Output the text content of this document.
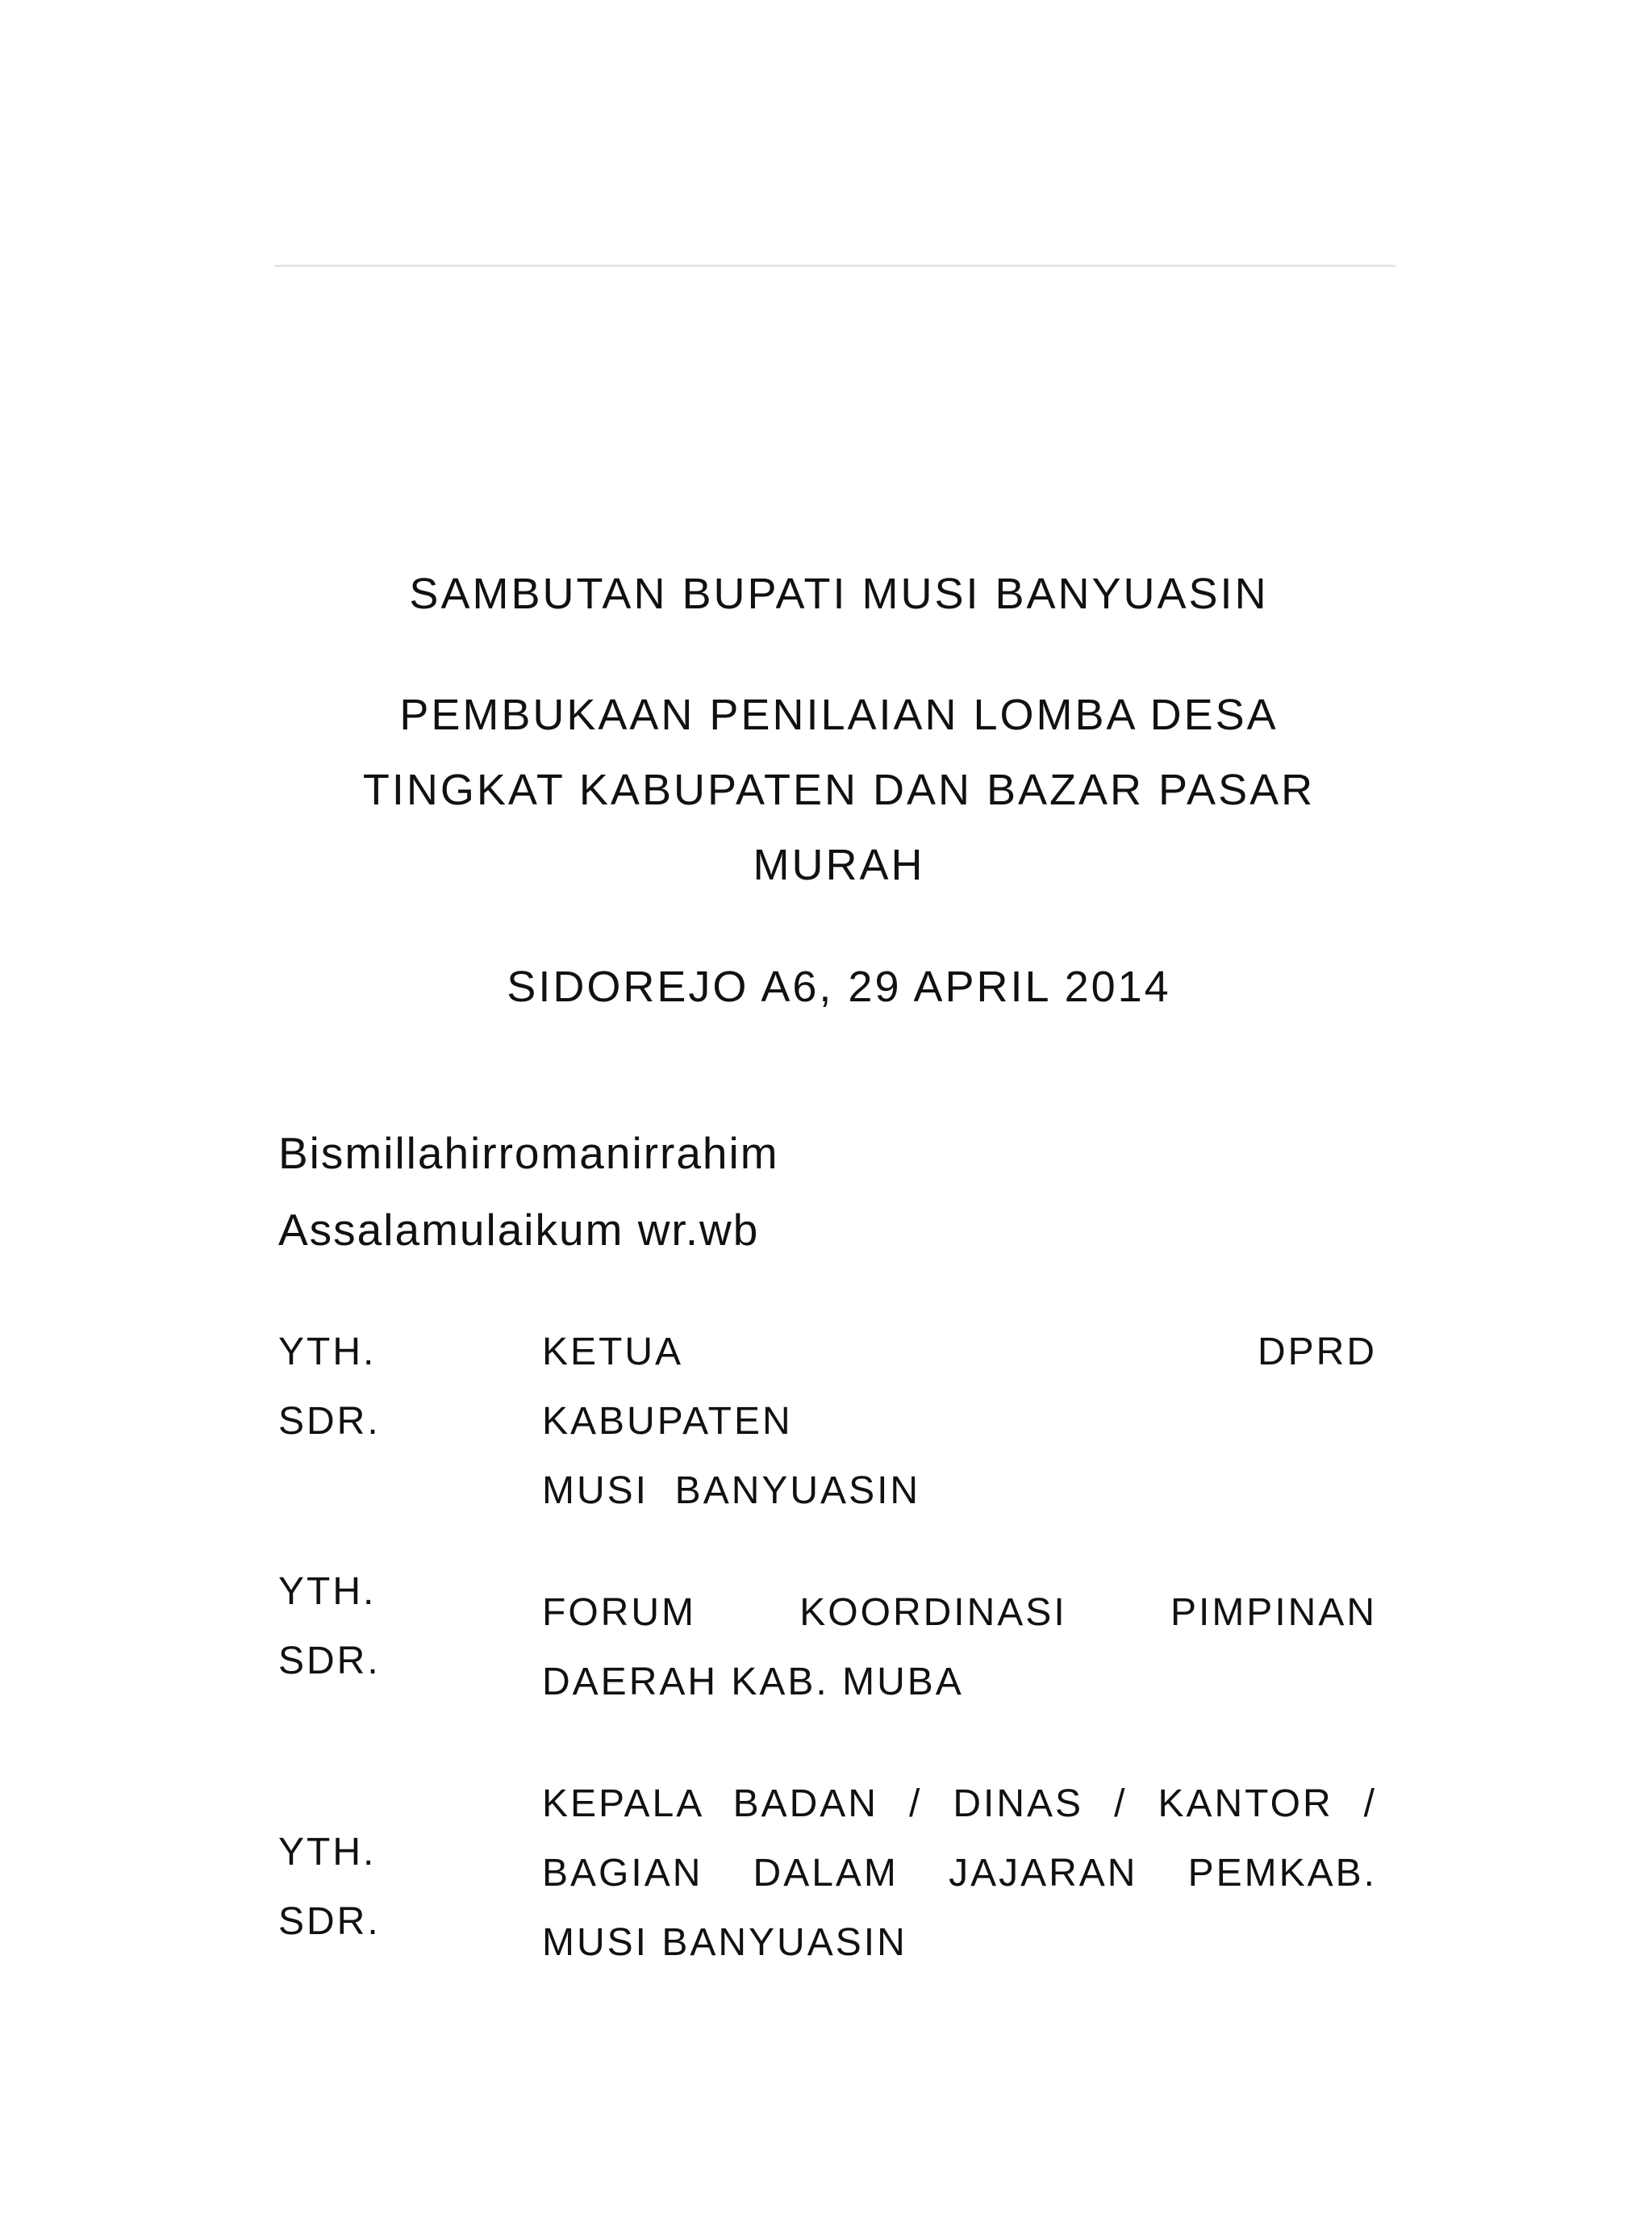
SAMBUTAN BUPATI MUSI BANYUASIN
PEMBUKAAN PENILAIAN LOMBA DESA
TINGKAT KABUPATEN DAN BAZAR PASAR
MURAH
SIDOREJO A6, 29 APRIL 2014
Bismillahirromanirrahim
Assalamulaikum wr.wb
YTH.
SDR.
KETUA	DPRD
KABUPATEN
MUSI  BANYUASIN
YTH.
SDR.
FORUM KOORDINASI PIMPINAN DAERAH KAB. MUBA
YTH.
SDR.
KEPALA BADAN / DINAS / KANTOR / BAGIAN DALAM JAJARAN PEMKAB. MUSI BANYUASIN
